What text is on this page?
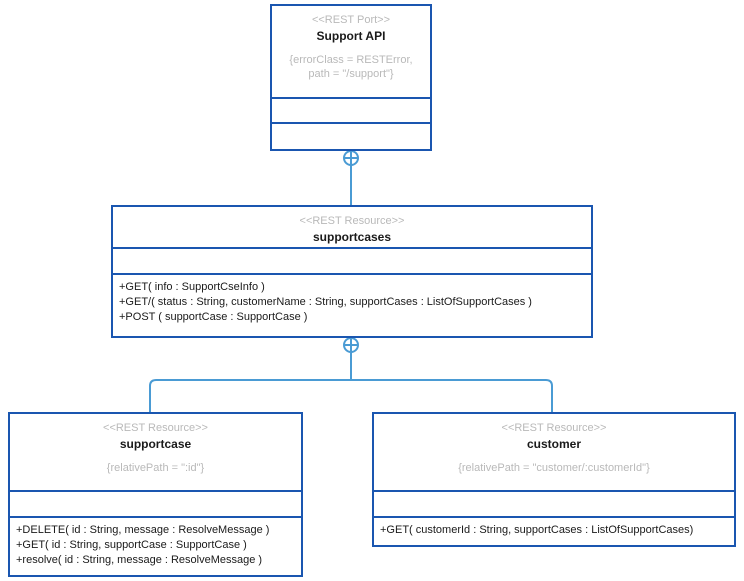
<<REST Port>>
Support API
{errorClass = RESTError,
path = "/support"}
<<REST Resource>>
supportcases
+GET( info : SupportCseInfo )
+GET/( status : String, customerName : String, supportCases : ListOfSupportCases )
+POST ( supportCase : SupportCase )
<<REST Resource>>
supportcase
{relativePath = ":id"}
+DELETE( id : String, message : ResolveMessage )
+GET( id : String, supportCase : SupportCase )
+resolve( id : String, message : ResolveMessage )
<<REST Resource>>
customer
{relativePath = "customer/:customerId"}
+GET( customerId : String, supportCases : ListOfSupportCases)
